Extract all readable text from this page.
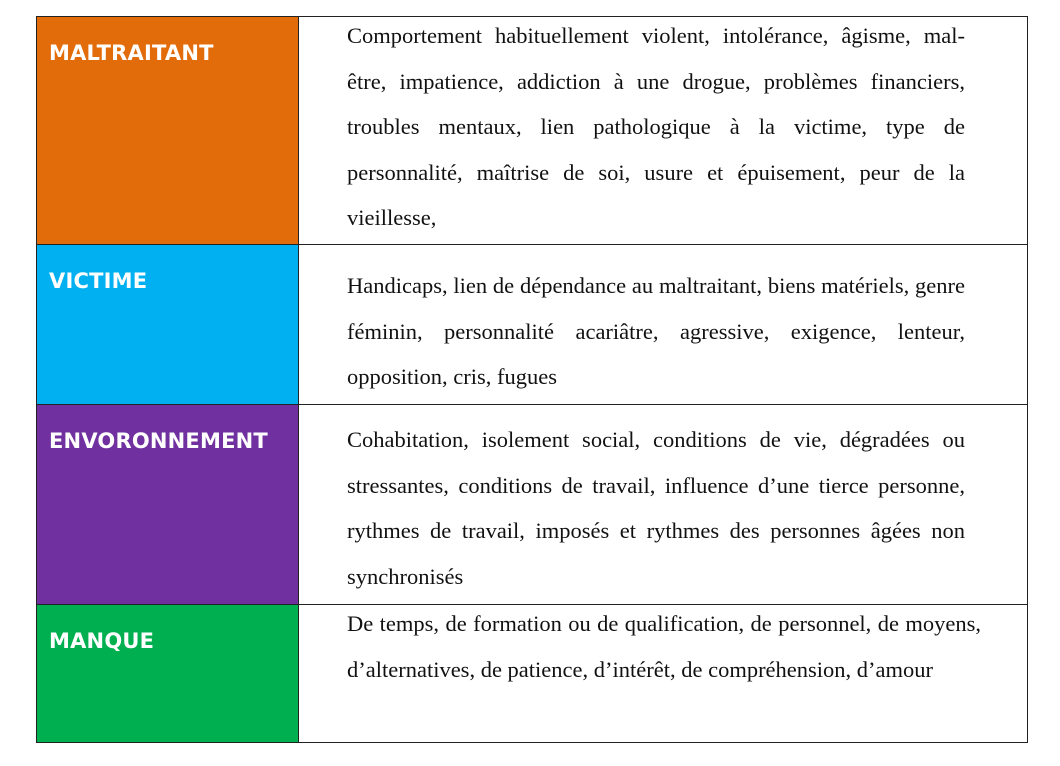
MALTRAITANT	Comportement habituellement violent, intolérance, âgisme, mal-être, impatience, addiction à une drogue, problèmes financiers, troubles mentaux, lien pathologique à la victime, type de personnalité, maîtrise de soi, usure et épuisement, peur de la vieillesse,

VICTIME	Handicaps, lien de dépendance au maltraitant, biens matériels, genre féminin, personnalité acariâtre, agressive, exigence, lenteur, opposition, cris, fugues

ENVORONNEMENT	Cohabitation, isolement social, conditions de vie, dégradées ou stressantes, conditions de travail, influence d’une tierce personne, rythmes de travail, imposés et rythmes des personnes âgées non synchronisés

MANQUE	De temps, de formation ou de qualification, de personnel, de moyens, d’alternatives, de patience, d’intérêt, de compréhension, d’amour
